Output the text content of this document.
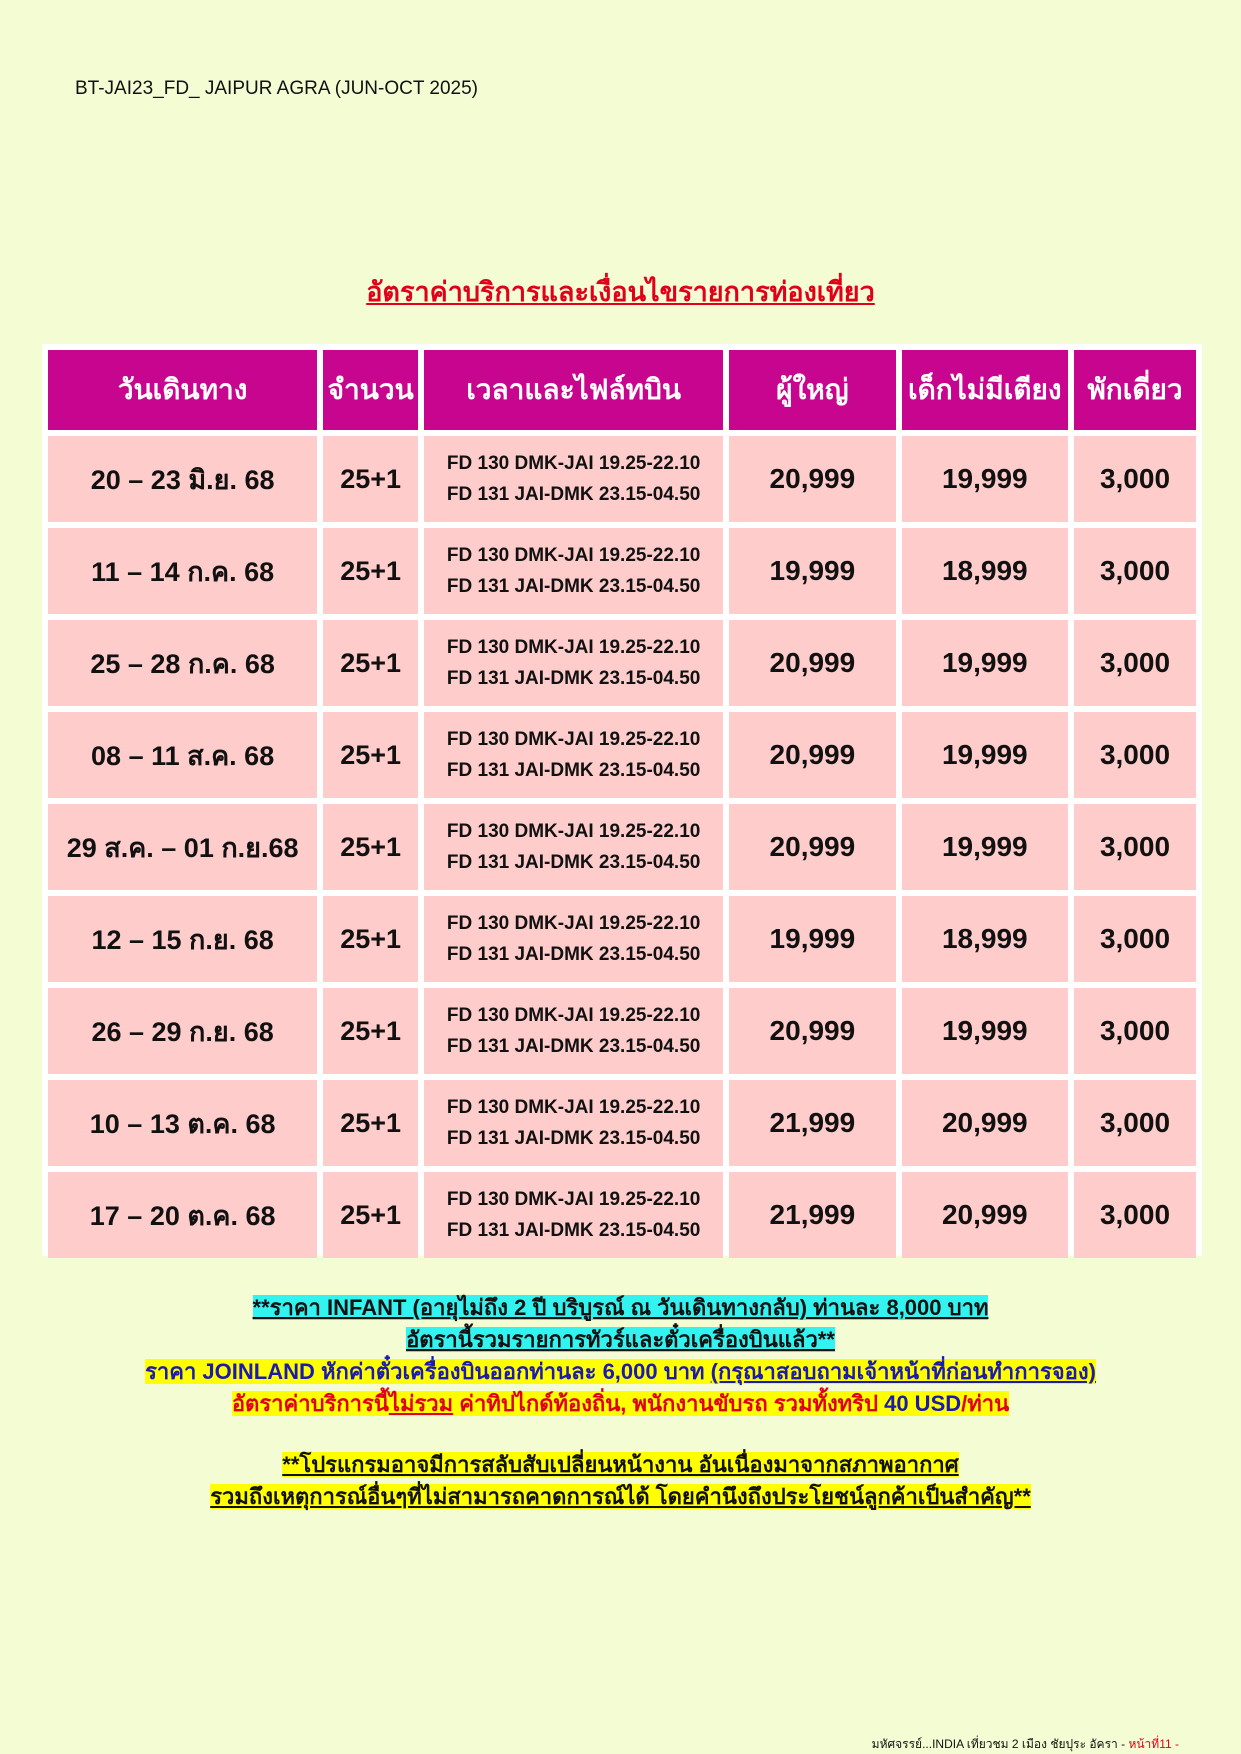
BT-JAI23_FD_ JAIPUR AGRA (JUN-OCT 2025)
อัตราค่าบริการและเงื่อนไขรายการท่องเที่ยว
วันเดินทาง	จำนวน	เวลาและไฟล์ทบิน	ผู้ใหญ่	เด็กไม่มีเตียง	พักเดี่ยว
20 – 23 มิ.ย. 68	25+1	FD 130 DMK-JAI 19.25-22.10
FD 131 JAI-DMK 23.15-04.50	20,999	19,999	3,000
11 – 14 ก.ค. 68	25+1	FD 130 DMK-JAI 19.25-22.10
FD 131 JAI-DMK 23.15-04.50	19,999	18,999	3,000
25 – 28 ก.ค. 68	25+1	FD 130 DMK-JAI 19.25-22.10
FD 131 JAI-DMK 23.15-04.50	20,999	19,999	3,000
08 – 11 ส.ค. 68	25+1	FD 130 DMK-JAI 19.25-22.10
FD 131 JAI-DMK 23.15-04.50	20,999	19,999	3,000
29 ส.ค. – 01 ก.ย.68	25+1	FD 130 DMK-JAI 19.25-22.10
FD 131 JAI-DMK 23.15-04.50	20,999	19,999	3,000
12 – 15 ก.ย. 68	25+1	FD 130 DMK-JAI 19.25-22.10
FD 131 JAI-DMK 23.15-04.50	19,999	18,999	3,000
26 – 29 ก.ย. 68	25+1	FD 130 DMK-JAI 19.25-22.10
FD 131 JAI-DMK 23.15-04.50	20,999	19,999	3,000
10 – 13 ต.ค. 68	25+1	FD 130 DMK-JAI 19.25-22.10
FD 131 JAI-DMK 23.15-04.50	21,999	20,999	3,000
17 – 20 ต.ค. 68	25+1	FD 130 DMK-JAI 19.25-22.10
FD 131 JAI-DMK 23.15-04.50	21,999	20,999	3,000
**ราคา INFANT (อายุไม่ถึง 2 ปี บริบูรณ์ ณ วันเดินทางกลับ) ท่านละ 8,000 บาท
อัตรานี้รวมรายการทัวร์และตั๋วเครื่องบินแล้ว**
ราคา JOINLAND หักค่าตั๋วเครื่องบินออกท่านละ 6,000 บาท (กรุณาสอบถามเจ้าหน้าที่ก่อนทำการจอง)
อัตราค่าบริการนี้ไม่รวม ค่าทิปไกด์ท้องถิ่น, พนักงานขับรถ รวมทั้งทริป 40 USD/ท่าน
**โปรแกรมอาจมีการสลับสับเปลี่ยนหน้างาน อันเนื่องมาจากสภาพอากาศ
รวมถึงเหตุการณ์อื่นๆที่ไม่สามารถคาดการณ์ได้ โดยคำนึงถึงประโยชน์ลูกค้าเป็นสำคัญ**
มหัศจรรย์...INDIA เที่ยวชม 2 เมือง ชัยปุระ อัครา - หน้าที่11 -
